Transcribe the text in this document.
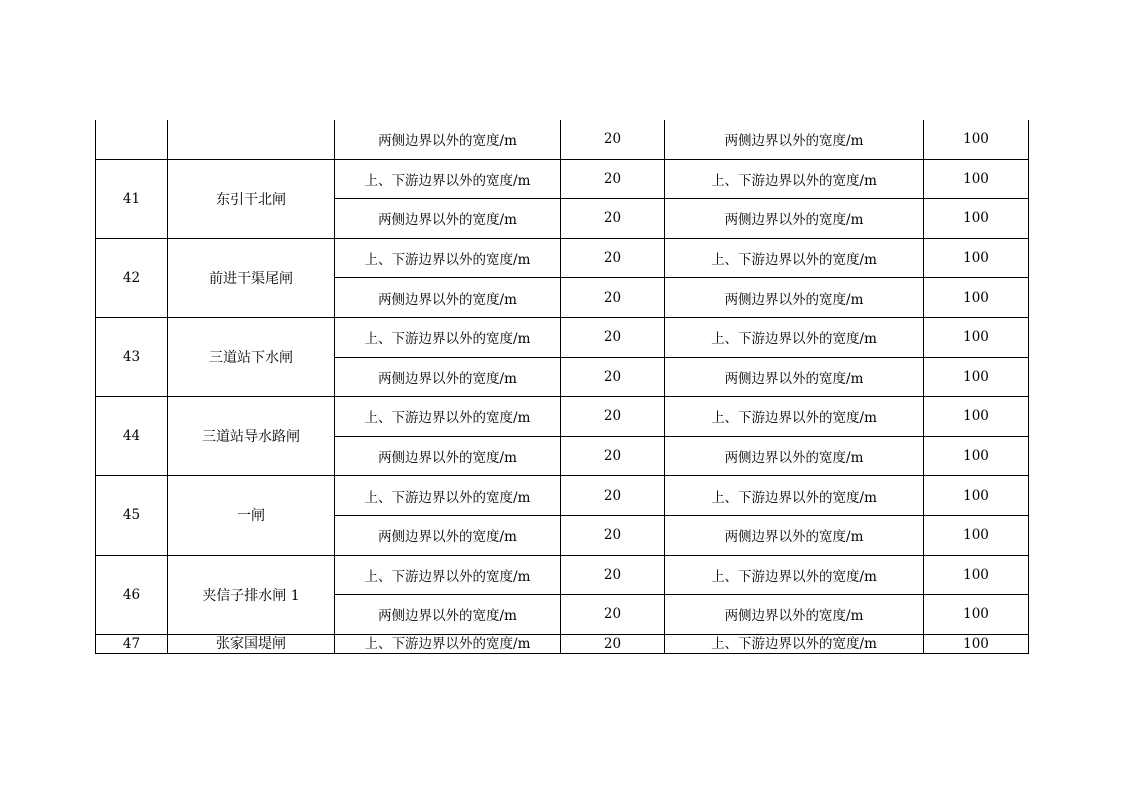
		两侧边界以外的宽度/m	20	两侧边界以外的宽度/m	100
41	东引干北闸	上、下游边界以外的宽度/m	20	上、下游边界以外的宽度/m	100
		两侧边界以外的宽度/m	20	两侧边界以外的宽度/m	100
42	前进干渠尾闸	上、下游边界以外的宽度/m	20	上、下游边界以外的宽度/m	100
		两侧边界以外的宽度/m	20	两侧边界以外的宽度/m	100
43	三道站下水闸	上、下游边界以外的宽度/m	20	上、下游边界以外的宽度/m	100
		两侧边界以外的宽度/m	20	两侧边界以外的宽度/m	100
44	三道站导水路闸	上、下游边界以外的宽度/m	20	上、下游边界以外的宽度/m	100
		两侧边界以外的宽度/m	20	两侧边界以外的宽度/m	100
45	一闸	上、下游边界以外的宽度/m	20	上、下游边界以外的宽度/m	100
		两侧边界以外的宽度/m	20	两侧边界以外的宽度/m	100
46	夹信子排水闸 1	上、下游边界以外的宽度/m	20	上、下游边界以外的宽度/m	100
		两侧边界以外的宽度/m	20	两侧边界以外的宽度/m	100
47	张家国堤闸	上、下游边界以外的宽度/m	20	上、下游边界以外的宽度/m	100
